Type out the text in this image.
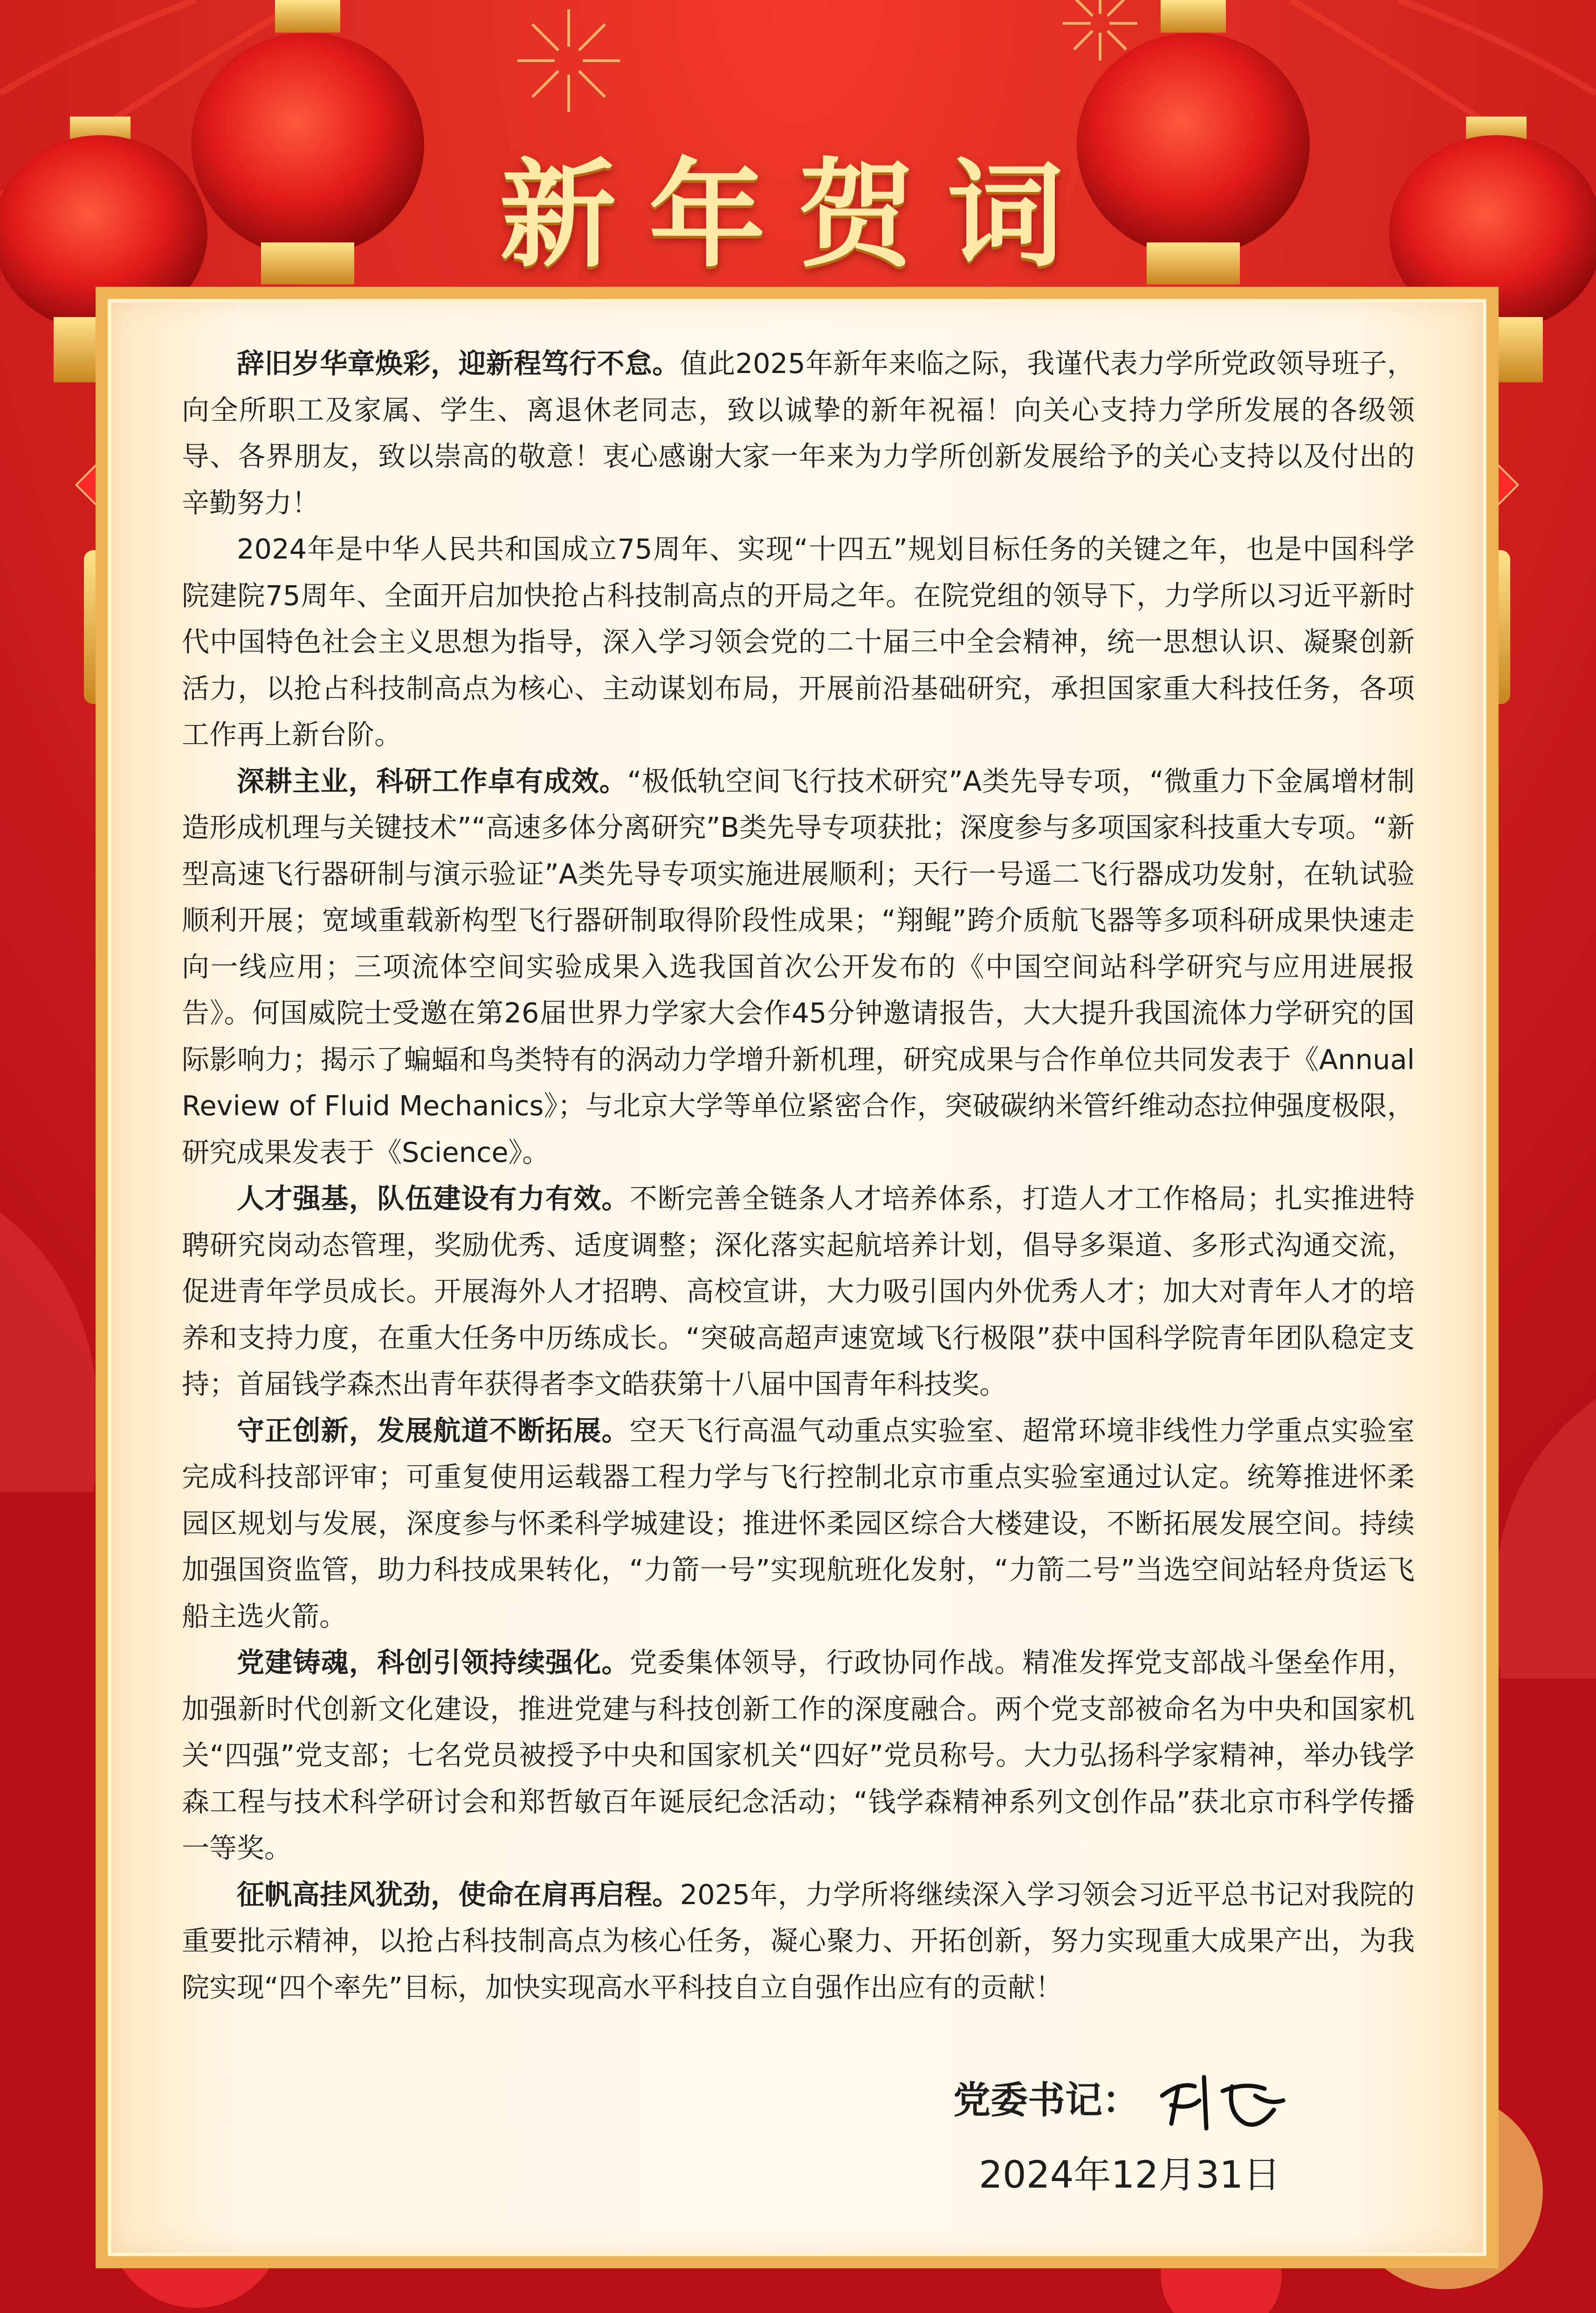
新年贺词

辞旧岁华章焕彩，迎新程笃行不怠。值此2025年新年来临之际，我谨代表力学所党政领导班子，向全所职工及家属、学生、离退休老同志，致以诚挚的新年祝福！向关心支持力学所发展的各级领导、各界朋友，致以崇高的敬意！衷心感谢大家一年来为力学所创新发展给予的关心支持以及付出的辛勤努力！

2024年是中华人民共和国成立75周年、实现“十四五”规划目标任务的关键之年，也是中国科学院建院75周年、全面开启加快抢占科技制高点的开局之年。在院党组的领导下，力学所以习近平新时代中国特色社会主义思想为指导，深入学习领会党的二十届三中全会精神，统一思想认识、凝聚创新活力，以抢占科技制高点为核心、主动谋划布局，开展前沿基础研究，承担国家重大科技任务，各项工作再上新台阶。

深耕主业，科研工作卓有成效。“极低轨空间飞行技术研究”A类先导专项，“微重力下金属增材制造形成机理与关键技术”“高速多体分离研究”B类先导专项获批；深度参与多项国家科技重大专项。“新型高速飞行器研制与演示验证”A类先导专项实施进展顺利；天行一号遥二飞行器成功发射，在轨试验顺利开展；宽域重载新构型飞行器研制取得阶段性成果；“翔鲲”跨介质航飞器等多项科研成果快速走向一线应用；三项流体空间实验成果入选我国首次公开发布的《中国空间站科学研究与应用进展报告》。何国威院士受邀在第26届世界力学家大会作45分钟邀请报告，大大提升我国流体力学研究的国际影响力；揭示了蝙蝠和鸟类特有的涡动力学增升新机理，研究成果与合作单位共同发表于《Annual Review of Fluid Mechanics》；与北京大学等单位紧密合作，突破碳纳米管纤维动态拉伸强度极限，研究成果发表于《Science》。

人才强基，队伍建设有力有效。不断完善全链条人才培养体系，打造人才工作格局；扎实推进特聘研究岗动态管理，奖励优秀、适度调整；深化落实起航培养计划，倡导多渠道、多形式沟通交流，促进青年学员成长。开展海外人才招聘、高校宣讲，大力吸引国内外优秀人才；加大对青年人才的培养和支持力度，在重大任务中历练成长。“突破高超声速宽域飞行极限”获中国科学院青年团队稳定支持；首届钱学森杰出青年获得者李文皓获第十八届中国青年科技奖。

守正创新，发展航道不断拓展。空天飞行高温气动重点实验室、超常环境非线性力学重点实验室完成科技部评审；可重复使用运载器工程力学与飞行控制北京市重点实验室通过认定。统筹推进怀柔园区规划与发展，深度参与怀柔科学城建设；推进怀柔园区综合大楼建设，不断拓展发展空间。持续加强国资监管，助力科技成果转化，“力箭一号”实现航班化发射，“力箭二号”当选空间站轻舟货运飞船主选火箭。

党建铸魂，科创引领持续强化。党委集体领导，行政协同作战。精准发挥党支部战斗堡垒作用，加强新时代创新文化建设，推进党建与科技创新工作的深度融合。两个党支部被命名为中央和国家机关“四强”党支部；七名党员被授予中央和国家机关“四好”党员称号。大力弘扬科学家精神，举办钱学森工程与技术科学研讨会和郑哲敏百年诞辰纪念活动；“钱学森精神系列文创作品”获北京市科学传播一等奖。

征帆高挂风犹劲，使命在肩再启程。2025年，力学所将继续深入学习领会习近平总书记对我院的重要批示精神，以抢占科技制高点为核心任务，凝心聚力、开拓创新，努力实现重大成果产出，为我院实现“四个率先”目标，加快实现高水平科技自立自强作出应有的贡献！

党委书记：
2024年12月31日
